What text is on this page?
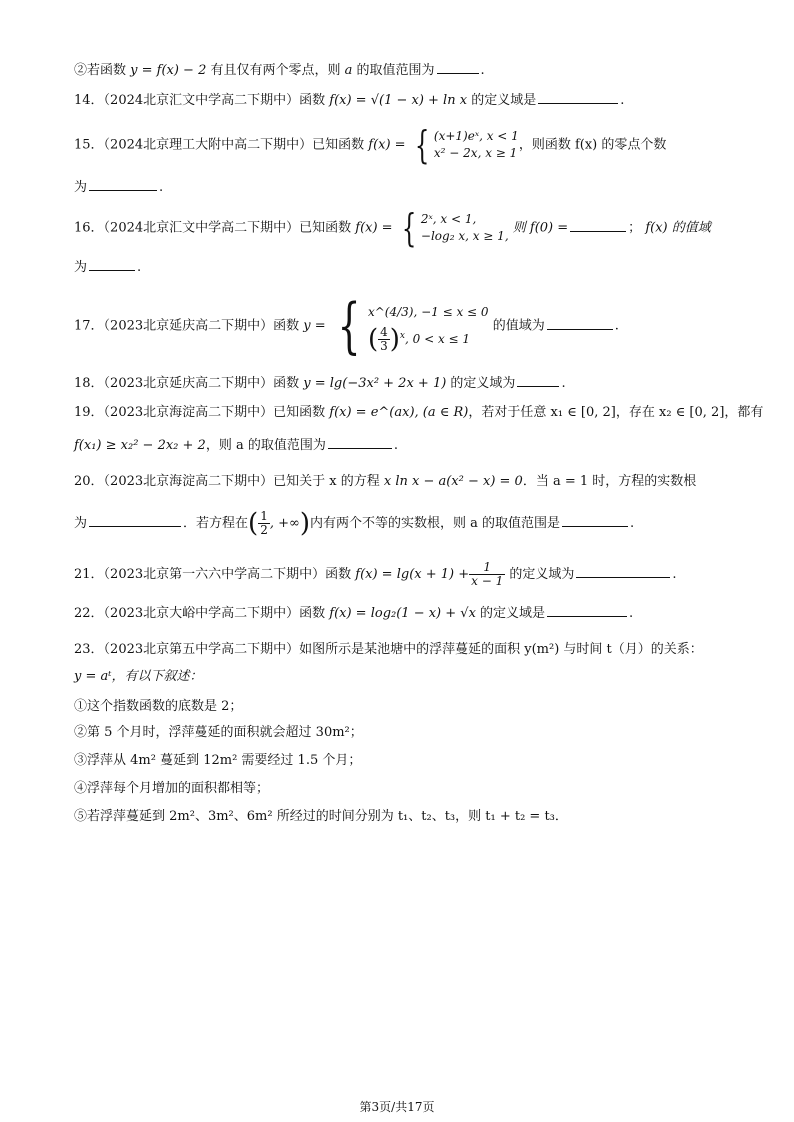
②若函数 y = f(x) − 2 有且仅有两个零点，则 a 的取值范围为	.
14．（2024北京汇文中学高二下期中）函数 f(x) = √(1 − x) + ln x 的定义域是	.
15．（2024北京理工大附中高二下期中）已知函数 f(x) = { (x+1)eˣ, x < 1
x² − 2x, x ≥ 1，则函数 f(x) 的零点个数
为	.
16．（2024北京汇文中学高二下期中）已知函数 f(x) = { 2ˣ, x < 1,
−log₂ x, x ≥ 1, 则 f(0) =	； f(x) 的值域
为	.
17．（2023北京延庆高二下期中）函数 y = { x^(4/3), −1 ≤ x ≤ 0
( $\frac{4}{3} )^x$, 0 < x ≤ 1 的值域为	.
18．（2023北京延庆高二下期中）函数 y = lg(−3x² + 2x + 1) 的定义域为	.
19．（2023北京海淀高二下期中）已知函数 f(x) = e^(ax), (a ∈ R)，若对于任意 x₁ ∈ [0, 2]，存在 x₂ ∈ [0, 2]，都有
f(x₁) ≥ x₂² − 2x₂ + 2，则 a 的取值范围为	.
20．（2023北京海淀高二下期中）已知关于 x 的方程 x ln x − a(x² − x) = 0．当 a = 1 时，方程的实数根
为	．若方程在( $\frac{1}{2}$ , +∞)内有两个不等的实数根，则 a 的取值范围是	.
21．（2023北京第一六六中学高二下期中）函数 $f(x) = \lg(x + 1) + \frac{1}{x - 1}$ 的定义域为	.
22．（2023北京大峪中学高二下期中）函数 f(x) = log₂(1 − x) + √x 的定义域是	.
23．（2023北京第五中学高二下期中）如图所示是某池塘中的浮萍蔓延的面积 y(m²) 与时间 t（月）的关系：
y = aᵗ，有以下叙述：
①这个指数函数的底数是 2；
②第 5 个月时，浮萍蔓延的面积就会超过 30m²；
③浮萍从 4m² 蔓延到 12m² 需要经过 1.5 个月；
④浮萍每个月增加的面积都相等；
⑤若浮萍蔓延到 2m²、3m²、6m² 所经过的时间分别为 t₁、t₂、t₃，则 t₁ + t₂ = t₃．
第3页/共17页
